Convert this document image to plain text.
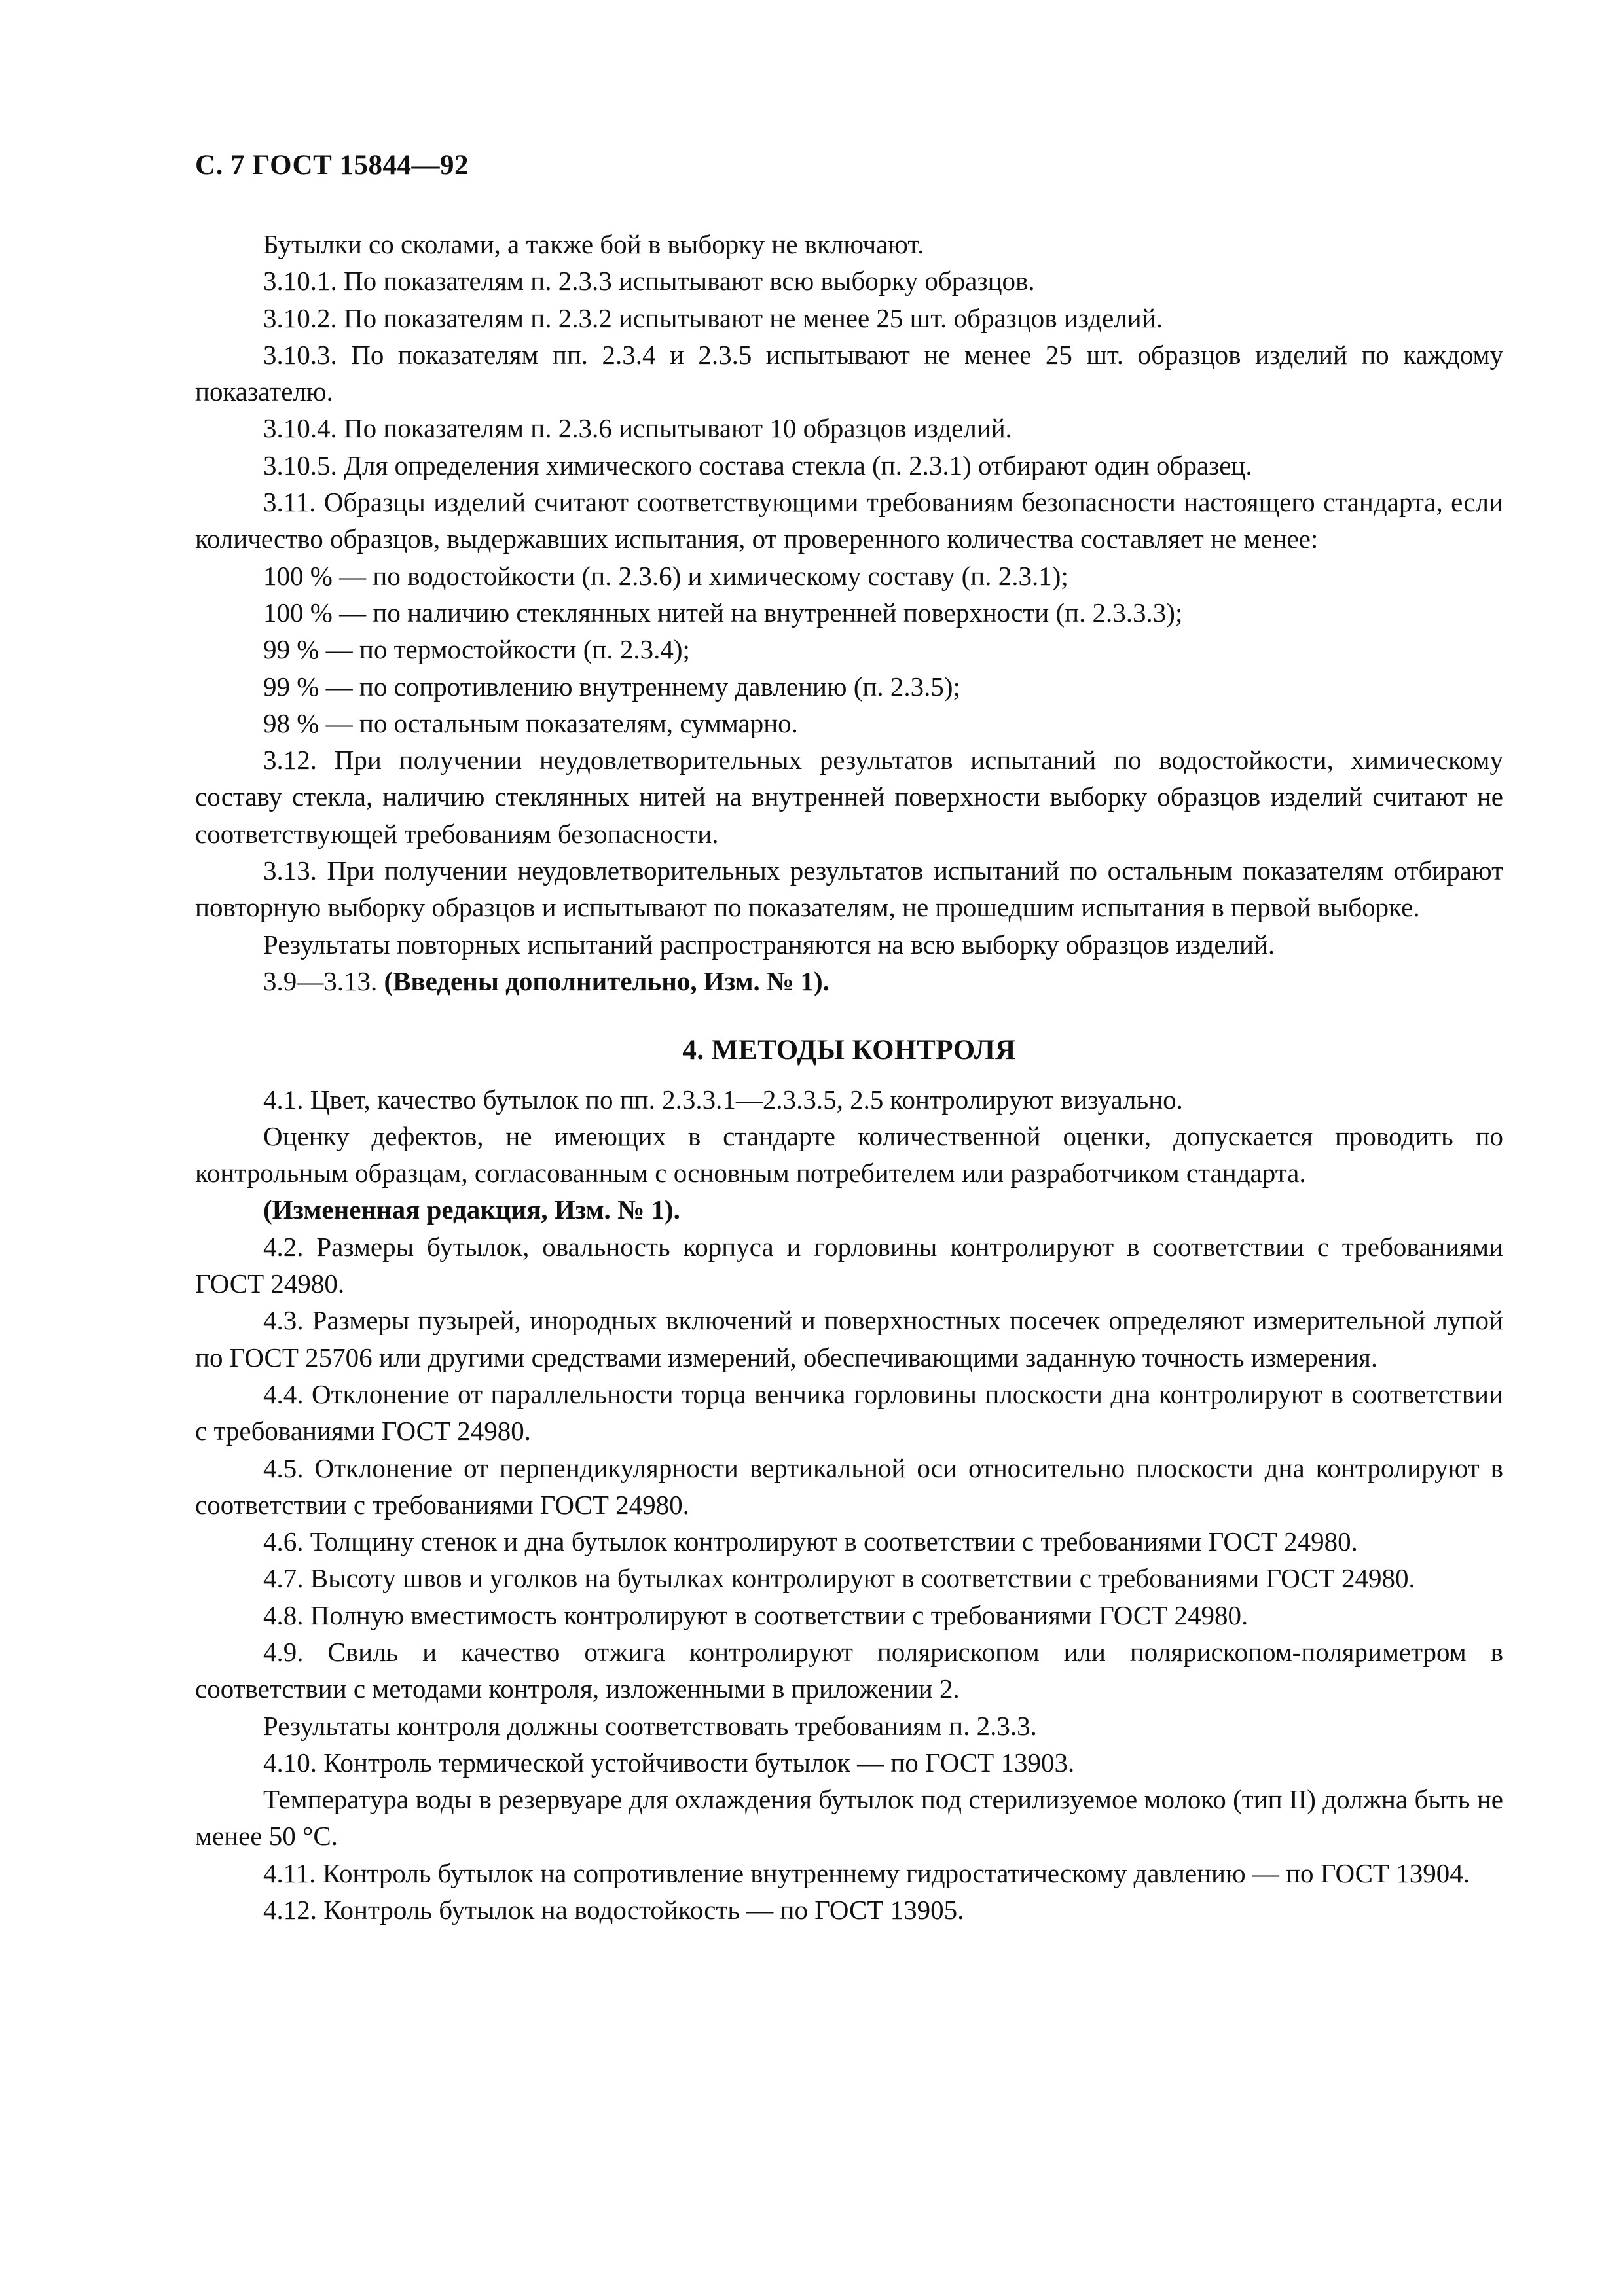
С. 7 ГОСТ 15844—92

Бутылки со сколами, а также бой в выборку не включают.

3.10.1. По показателям п. 2.3.3 испытывают всю выборку образцов.

3.10.2. По показателям п. 2.3.2 испытывают не менее 25 шт. образцов изделий.

3.10.3. По показателям пп. 2.3.4 и 2.3.5 испытывают не менее 25 шт. образцов изделий по каждому показателю.

3.10.4. По показателям п. 2.3.6 испытывают 10 образцов изделий.

3.10.5. Для определения химического состава стекла (п. 2.3.1) отбирают один образец.

3.11. Образцы изделий считают соответствующими требованиям безопасности настоящего стандарта, если количество образцов, выдержавших испытания, от проверенного количества составляет не менее:

100 % — по водостойкости (п. 2.3.6) и химическому составу (п. 2.3.1);

100 % — по наличию стеклянных нитей на внутренней поверхности (п. 2.3.3.3);

99 % — по термостойкости (п. 2.3.4);

99 % — по сопротивлению внутреннему давлению (п. 2.3.5);

98 % — по остальным показателям, суммарно.

3.12. При получении неудовлетворительных результатов испытаний по водостойкости, химическому составу стекла, наличию стеклянных нитей на внутренней поверхности выборку образцов изделий считают не соответствующей требованиям безопасности.

3.13. При получении неудовлетворительных результатов испытаний по остальным показателям отбирают повторную выборку образцов и испытывают по показателям, не прошедшим испытания в первой выборке.

Результаты повторных испытаний распространяются на всю выборку образцов изделий.

3.9—3.13. (Введены дополнительно, Изм. № 1).

4. МЕТОДЫ КОНТРОЛЯ

4.1. Цвет, качество бутылок по пп. 2.3.3.1—2.3.3.5, 2.5 контролируют визуально.

Оценку дефектов, не имеющих в стандарте количественной оценки, допускается проводить по контрольным образцам, согласованным с основным потребителем или разработчиком стандарта.

(Измененная редакция, Изм. № 1).

4.2. Размеры бутылок, овальность корпуса и горловины контролируют в соответствии с требованиями ГОСТ 24980.

4.3. Размеры пузырей, инородных включений и поверхностных посечек определяют измерительной лупой по ГОСТ 25706 или другими средствами измерений, обеспечивающими заданную точность измерения.

4.4. Отклонение от параллельности торца венчика горловины плоскости дна контролируют в соответствии с требованиями ГОСТ 24980.

4.5. Отклонение от перпендикулярности вертикальной оси относительно плоскости дна контролируют в соответствии с требованиями ГОСТ 24980.

4.6. Толщину стенок и дна бутылок контролируют в соответствии с требованиями ГОСТ 24980.

4.7. Высоту швов и уголков на бутылках контролируют в соответствии с требованиями ГОСТ 24980.

4.8. Полную вместимость контролируют в соответствии с требованиями ГОСТ 24980.

4.9. Свиль и качество отжига контролируют полярископом или полярископом-поляриметром в соответствии с методами контроля, изложенными в приложении 2.

Результаты контроля должны соответствовать требованиям п. 2.3.3.

4.10. Контроль термической устойчивости бутылок — по ГОСТ 13903.

Температура воды в резервуаре для охлаждения бутылок под стерилизуемое молоко (тип II) должна быть не менее 50 °С.

4.11. Контроль бутылок на сопротивление внутреннему гидростатическому давлению — по ГОСТ 13904.

4.12. Контроль бутылок на водостойкость — по ГОСТ 13905.
